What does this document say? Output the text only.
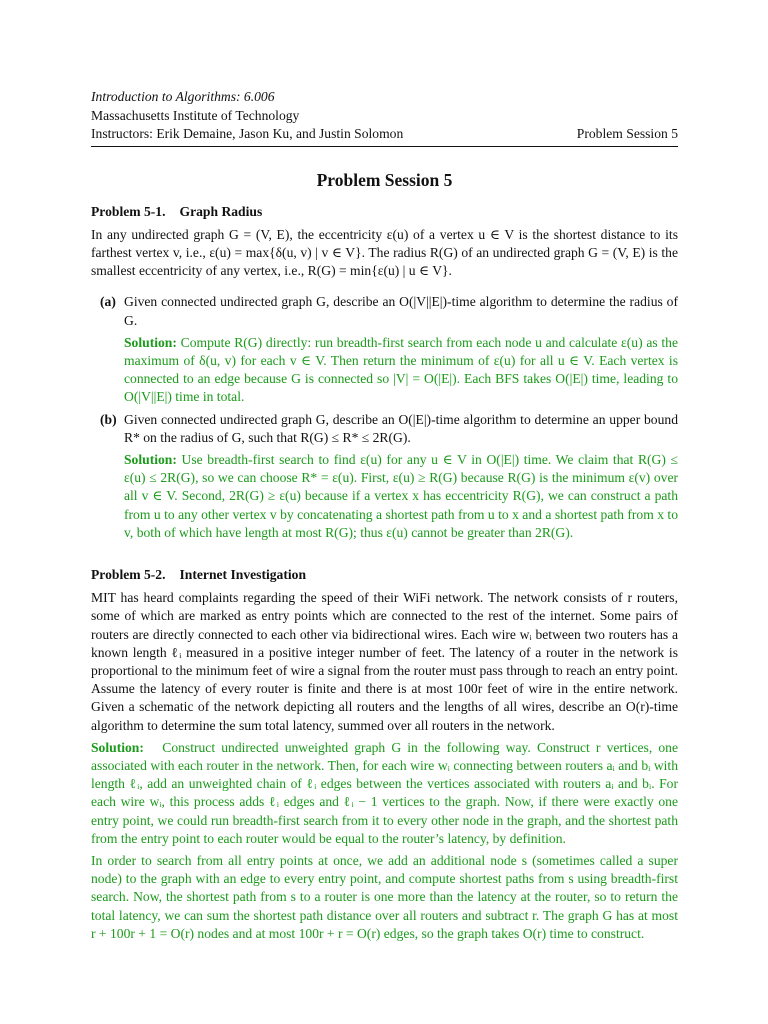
Introduction to Algorithms: 6.006
Massachusetts Institute of Technology
Instructors: Erik Demaine, Jason Ku, and Justin Solomon	Problem Session 5
Problem Session 5
Problem 5-1. Graph Radius

In any undirected graph G = (V, E), the eccentricity ε(u) of a vertex u ∈ V is the shortest distance to its farthest vertex v, i.e., ε(u) = max{δ(u, v) | v ∈ V}. The radius R(G) of an undirected graph G = (V, E) is the smallest eccentricity of any vertex, i.e., R(G) = min{ε(u) | u ∈ V}.

(a) Given connected undirected graph G, describe an O(|V||E|)-time algorithm to determine the radius of G.

Solution: Compute R(G) directly: run breadth-first search from each node u and calculate ε(u) as the maximum of δ(u, v) for each v ∈ V. Then return the minimum of ε(u) for all u ∈ V. Each vertex is connected to an edge because G is connected so |V| = O(|E|). Each BFS takes O(|E|) time, leading to O(|V||E|) time in total.

(b) Given connected undirected graph G, describe an O(|E|)-time algorithm to determine an upper bound R* on the radius of G, such that R(G) ≤ R* ≤ 2R(G).

Solution: Use breadth-first search to find ε(u) for any u ∈ V in O(|E|) time. We claim that R(G) ≤ ε(u) ≤ 2R(G), so we can choose R* = ε(u). First, ε(u) ≥ R(G) because R(G) is the minimum ε(v) over all v ∈ V. Second, 2R(G) ≥ ε(u) because if a vertex x has eccentricity R(G), we can construct a path from u to any other vertex v by concatenating a shortest path from u to x and a shortest path from x to v, both of which have length at most R(G); thus ε(u) cannot be greater than 2R(G).

Problem 5-2. Internet Investigation

MIT has heard complaints regarding the speed of their WiFi network. The network consists of r routers, some of which are marked as entry points which are connected to the rest of the internet. Some pairs of routers are directly connected to each other via bidirectional wires. Each wire wᵢ between two routers has a known length ℓᵢ measured in a positive integer number of feet. The latency of a router in the network is proportional to the minimum feet of wire a signal from the router must pass through to reach an entry point. Assume the latency of every router is finite and there is at most 100r feet of wire in the entire network. Given a schematic of the network depicting all routers and the lengths of all wires, describe an O(r)-time algorithm to determine the sum total latency, summed over all routers in the network.

Solution: Construct undirected unweighted graph G in the following way. Construct r vertices, one associated with each router in the network. Then, for each wire wᵢ connecting between routers aᵢ and bᵢ with length ℓᵢ, add an unweighted chain of ℓᵢ edges between the vertices associated with routers aᵢ and bᵢ. For each wire wᵢ, this process adds ℓᵢ edges and ℓᵢ − 1 vertices to the graph. Now, if there were exactly one entry point, we could run breadth-first search from it to every other node in the graph, and the shortest path from the entry point to each router would be equal to the router’s latency, by definition.

In order to search from all entry points at once, we add an additional node s (sometimes called a super node) to the graph with an edge to every entry point, and compute shortest paths from s using breadth-first search. Now, the shortest path from s to a router is one more than the latency at the router, so to return the total latency, we can sum the shortest path distance over all routers and subtract r. The graph G has at most r + 100r + 1 = O(r) nodes and at most 100r + r = O(r) edges, so the graph takes O(r) time to construct.
